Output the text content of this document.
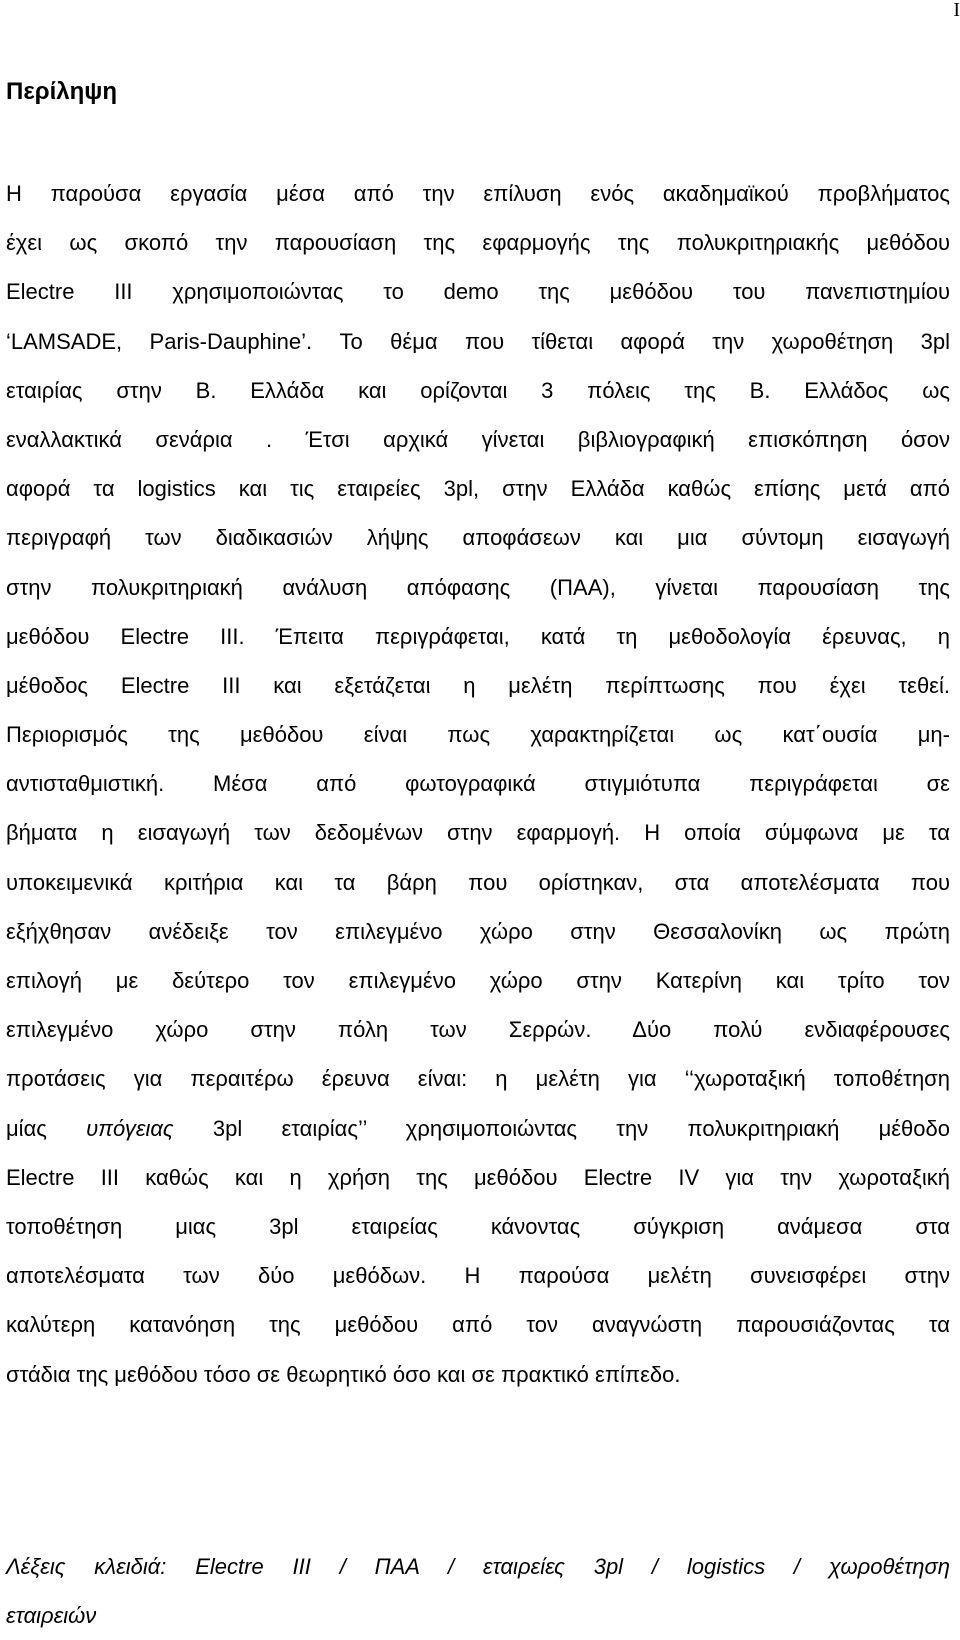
I
Περίληψη
Η παρούσα εργασία μέσα από την επίλυση ενός ακαδημαϊκού προβλήματος
έχει ως σκοπό την παρουσίαση της εφαρμογής της πολυκριτηριακής μεθόδου
Electre III χρησιμοποιώντας το demo της μεθόδου του πανεπιστημίου
‘LAMSADE, Paris-Dauphine’. Το θέμα που τίθεται αφορά την χωροθέτηση 3pl
εταιρίας στην Β. Ελλάδα και ορίζονται 3 πόλεις της Β. Ελλάδος ως
εναλλακτικά σενάρια . Έτσι αρχικά γίνεται βιβλιογραφική επισκόπηση όσον
αφορά τα logistics και τις εταιρείες 3pl, στην Ελλάδα καθώς επίσης μετά από
περιγραφή των διαδικασιών λήψης αποφάσεων και μια σύντομη εισαγωγή
στην πολυκριτηριακή ανάλυση απόφασης (ΠΑΑ), γίνεται παρουσίαση της
μεθόδου Electre III. Έπειτα περιγράφεται, κατά τη μεθοδολογία έρευνας, η
μέθοδος Electre III και εξετάζεται η μελέτη περίπτωσης που έχει τεθεί.
Περιορισμός της μεθόδου είναι πως χαρακτηρίζεται ως κατ΄ουσία μη-
αντισταθμιστική. Μέσα από φωτογραφικά στιγμιότυπα περιγράφεται σε
βήματα η εισαγωγή των δεδομένων στην εφαρμογή. Η οποία σύμφωνα με τα
υποκειμενικά κριτήρια και τα βάρη που ορίστηκαν, στα αποτελέσματα που
εξήχθησαν ανέδειξε τον επιλεγμένο χώρο στην Θεσσαλονίκη ως πρώτη
επιλογή με δεύτερο τον επιλεγμένο χώρο στην Κατερίνη και τρίτο τον
επιλεγμένο χώρο στην πόλη των Σερρών. Δύο πολύ ενδιαφέρουσες
προτάσεις για περαιτέρω έρευνα είναι: η μελέτη για ‘‘χωροταξική τοποθέτηση
μίας υπόγειας 3pl εταιρίας’’ χρησιμοποιώντας την πολυκριτηριακή μέθοδο
Electre III καθώς και η χρήση της μεθόδου Electre IV για την χωροταξική
τοποθέτηση μιας 3pl εταιρείας κάνοντας σύγκριση ανάμεσα στα
αποτελέσματα των δύο μεθόδων. Η παρούσα μελέτη συνεισφέρει στην
καλύτερη κατανόηση της μεθόδου από τον αναγνώστη παρουσιάζοντας τα
στάδια της μεθόδου τόσο σε θεωρητικό όσο και σε πρακτικό επίπεδο.
Λέξεις κλειδιά: Electre III / ΠΑΑ / εταιρείες 3pl / logistics / χωροθέτηση
εταιρειών
